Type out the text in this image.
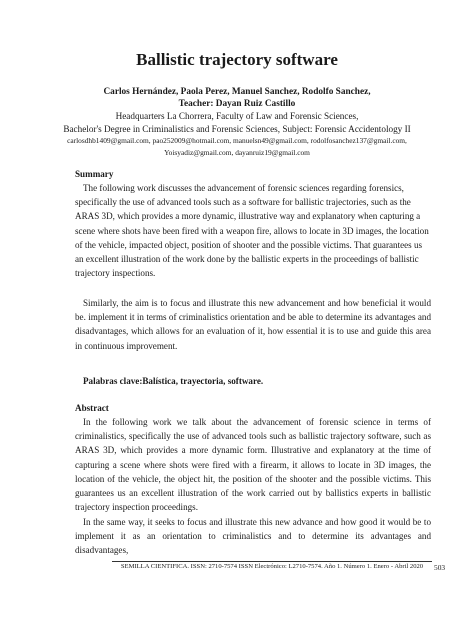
Ballistic trajectory software

Carlos Hernández, Paola Perez, Manuel Sanchez, Rodolfo Sanchez,

Teacher: Dayan Ruiz Castillo

Headquarters La Chorrera, Faculty of Law and Forensic Sciences,

Bachelor's Degree in Criminalistics and Forensic Sciences, Subject: Forensic Accidentology II

carlosdhb1409@gmail.com, pao252009@hotmail.com, manuelsn49@gmail.com, rodolfosanchez137@gmail.com,

Yoisyadiz@gmail.com, dayanruiz19@gmail.com

Summary

The following work discusses the advancement of forensic sciences regarding forensics, specifically the use of advanced tools such as a software for ballistic trajectories, such as the ARAS 3D, which provides a more dynamic, illustrative way and explanatory when capturing a scene where shots have been fired with a weapon fire, allows to locate in 3D images, the location of the vehicle, impacted object, position of shooter and the possible victims. That guarantees us an excellent illustration of the work done by the ballistic experts in the proceedings of ballistic trajectory inspections.

Similarly, the aim is to focus and illustrate this new advancement and how beneficial it would be. implement it in terms of criminalistics orientation and be able to determine its advantages and disadvantages, which allows for an evaluation of it, how essential it is to use and guide this area in continuous improvement.

Palabras clave:Balística, trayectoria, software.

Abstract

In the following work we talk about the advancement of forensic science in terms of criminalistics, specifically the use of advanced tools such as ballistic trajectory software, such as ARAS 3D, which provides a more dynamic form. Illustrative and explanatory at the time of capturing a scene where shots were fired with a firearm, it allows to locate in 3D images, the location of the vehicle, the object hit, the position of the shooter and the possible victims. This guarantees us an excellent illustration of the work carried out by ballistics experts in ballistic trajectory inspection proceedings.

In the same way, it seeks to focus and illustrate this new advance and how good it would be to implement it as an orientation to criminalistics and to determine its advantages and disadvantages,

SEMILLA CIENTIFICA. ISSN: 2710-7574 ISSN Electrónico: L2710-7574. Año 1. Número 1. Enero - Abril 2020	503
